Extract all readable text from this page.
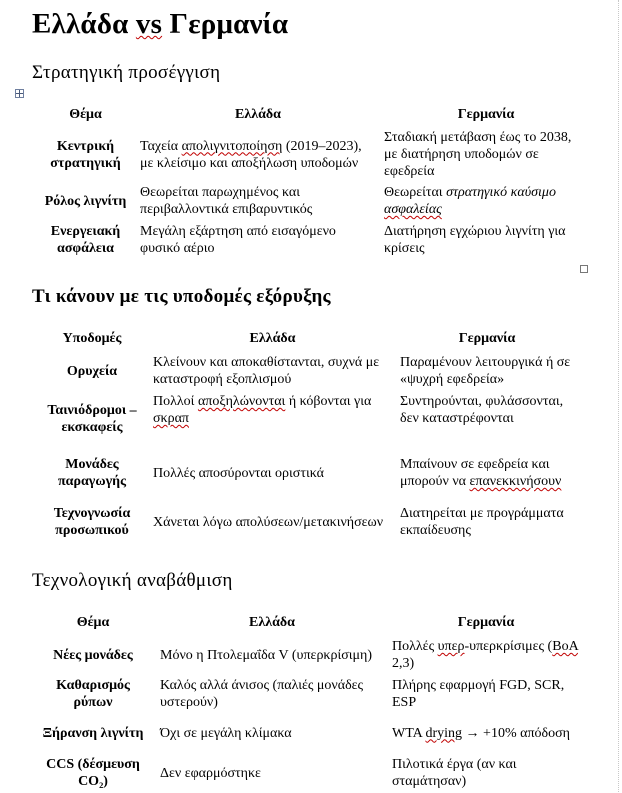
Ελλάδα vs Γερμανία
Στρατηγική προσέγγιση
Θέμα	Ελλάδα	Γερμανία
Κεντρική στρατηγική	Ταχεία απολιγνιτοποίηση (2019–2023), με κλείσιμο και αποξήλωση υποδομών	Σταδιακή μετάβαση έως το 2038, με διατήρηση υποδομών σε εφεδρεία
Ρόλος λιγνίτη	Θεωρείται παρωχημένος και περιβαλλοντικά επιβαρυντικός	Θεωρείται στρατηγικό καύσιμο ασφαλείας
Ενεργειακή ασφάλεια	Μεγάλη εξάρτηση από εισαγόμενο φυσικό αέριο	Διατήρηση εγχώριου λιγνίτη για κρίσεις
Τι κάνουν με τις υποδομές εξόρυξης
Υποδομές	Ελλάδα	Γερμανία
Ορυχεία	Κλείνουν και αποκαθίστανται, συχνά με καταστροφή εξοπλισμού	Παραμένουν λειτουργικά ή σε «ψυχρή εφεδρεία»
Ταινιόδρομοι –
εκσκαφείς	Πολλοί αποξηλώνονται ή κόβονται για σκραπ	Συντηρούνται, φυλάσσονται, δεν καταστρέφονται
Μονάδες
παραγωγής	Πολλές αποσύρονται οριστικά	Μπαίνουν σε εφεδρεία και μπορούν να επανεκκινήσουν
Τεχνογνωσία
προσωπικού	Χάνεται λόγω απολύσεων/μετακινήσεων	Διατηρείται με προγράμματα εκπαίδευσης
Τεχνολογική αναβάθμιση
Θέμα	Ελλάδα	Γερμανία
Νέες μονάδες	Μόνο η Πτολεμαΐδα V (υπερκρίσιμη)	Πολλές υπερ-υπερκρίσιμες (BoA 2,3)
Καθαρισμός
ρύπων	Καλός αλλά άνισος (παλιές μονάδες υστερούν)	Πλήρης εφαρμογή FGD, SCR, ESP
Ξήρανση λιγνίτη	Όχι σε μεγάλη κλίμακα	WTA drying → +10% απόδοση
CCS (δέσμευση
CO₂)	Δεν εφαρμόστηκε	Πιλοτικά έργα (αν και σταμάτησαν)
